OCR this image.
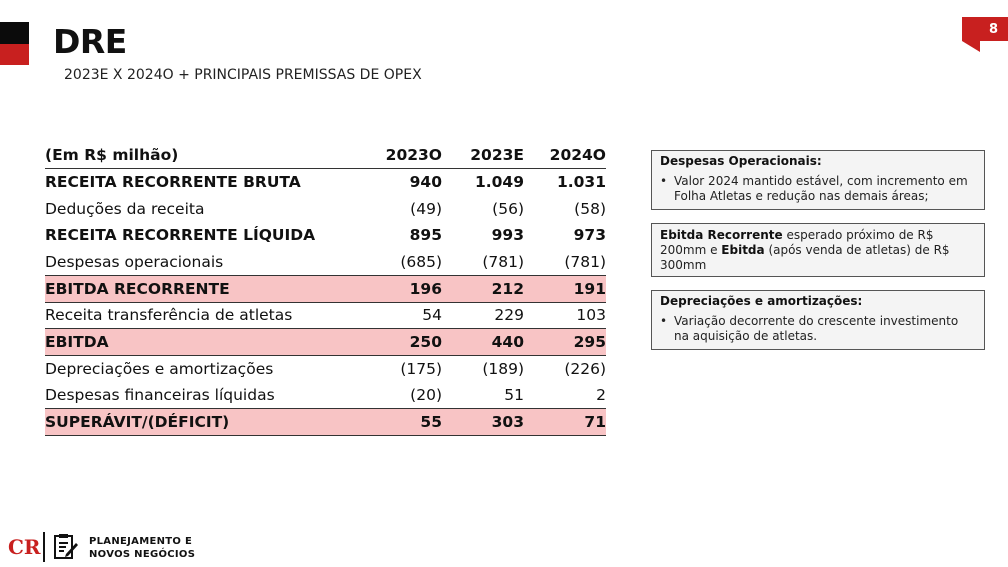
DRE
2023E X 2024O + PRINCIPAIS PREMISSAS DE OPEX
8
(Em R$ milhão)	2023O	2023E	2024O
RECEITA RECORRENTE BRUTA	940	1.049	1.031
Deduções da receita	(49)	(56)	(58)
RECEITA RECORRENTE LÍQUIDA	895	993	973
Despesas operacionais	(685)	(781)	(781)
EBITDA RECORRENTE	196	212	191
Receita transferência de atletas	54	229	103
EBITDA	250	440	295
Depreciações e amortizações	(175)	(189)	(226)
Despesas financeiras líquidas	(20)	51	2
SUPERÁVIT/(DÉFICIT)	55	303	71
Despesas Operacionais:
• Valor 2024 mantido estável, com incremento em Folha Atletas e redução nas demais áreas;
Ebitda Recorrente esperado próximo de R$ 200mm e Ebitda (após venda de atletas) de R$ 300mm
Depreciações e amortizações:
• Variação decorrente do crescente investimento na aquisição de atletas.
CR	PLANEJAMENTO E
NOVOS NEGÓCIOS
